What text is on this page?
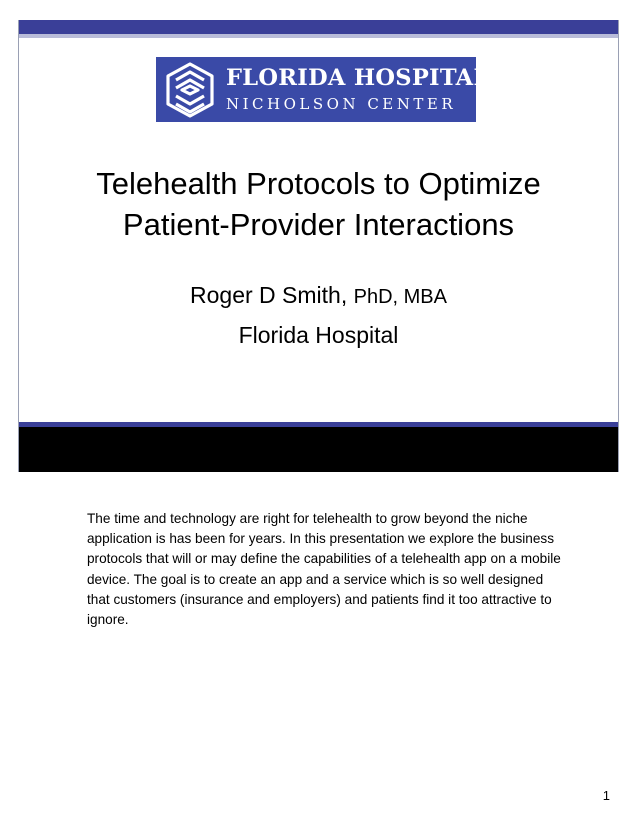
FLORIDA HOSPITAL
NICHOLSON CENTER
Telehealth Protocols to Optimize
Patient-Provider Interactions

Roger D Smith, PhD, MBA

Florida Hospital

The time and technology are right for telehealth to grow beyond the niche application is has been for years. In this presentation we explore the business protocols that will or may define the capabilities of a telehealth app on a mobile device. The goal is to create an app and a service which is so well designed that customers (insurance and employers) and patients find it too attractive to ignore.

1
